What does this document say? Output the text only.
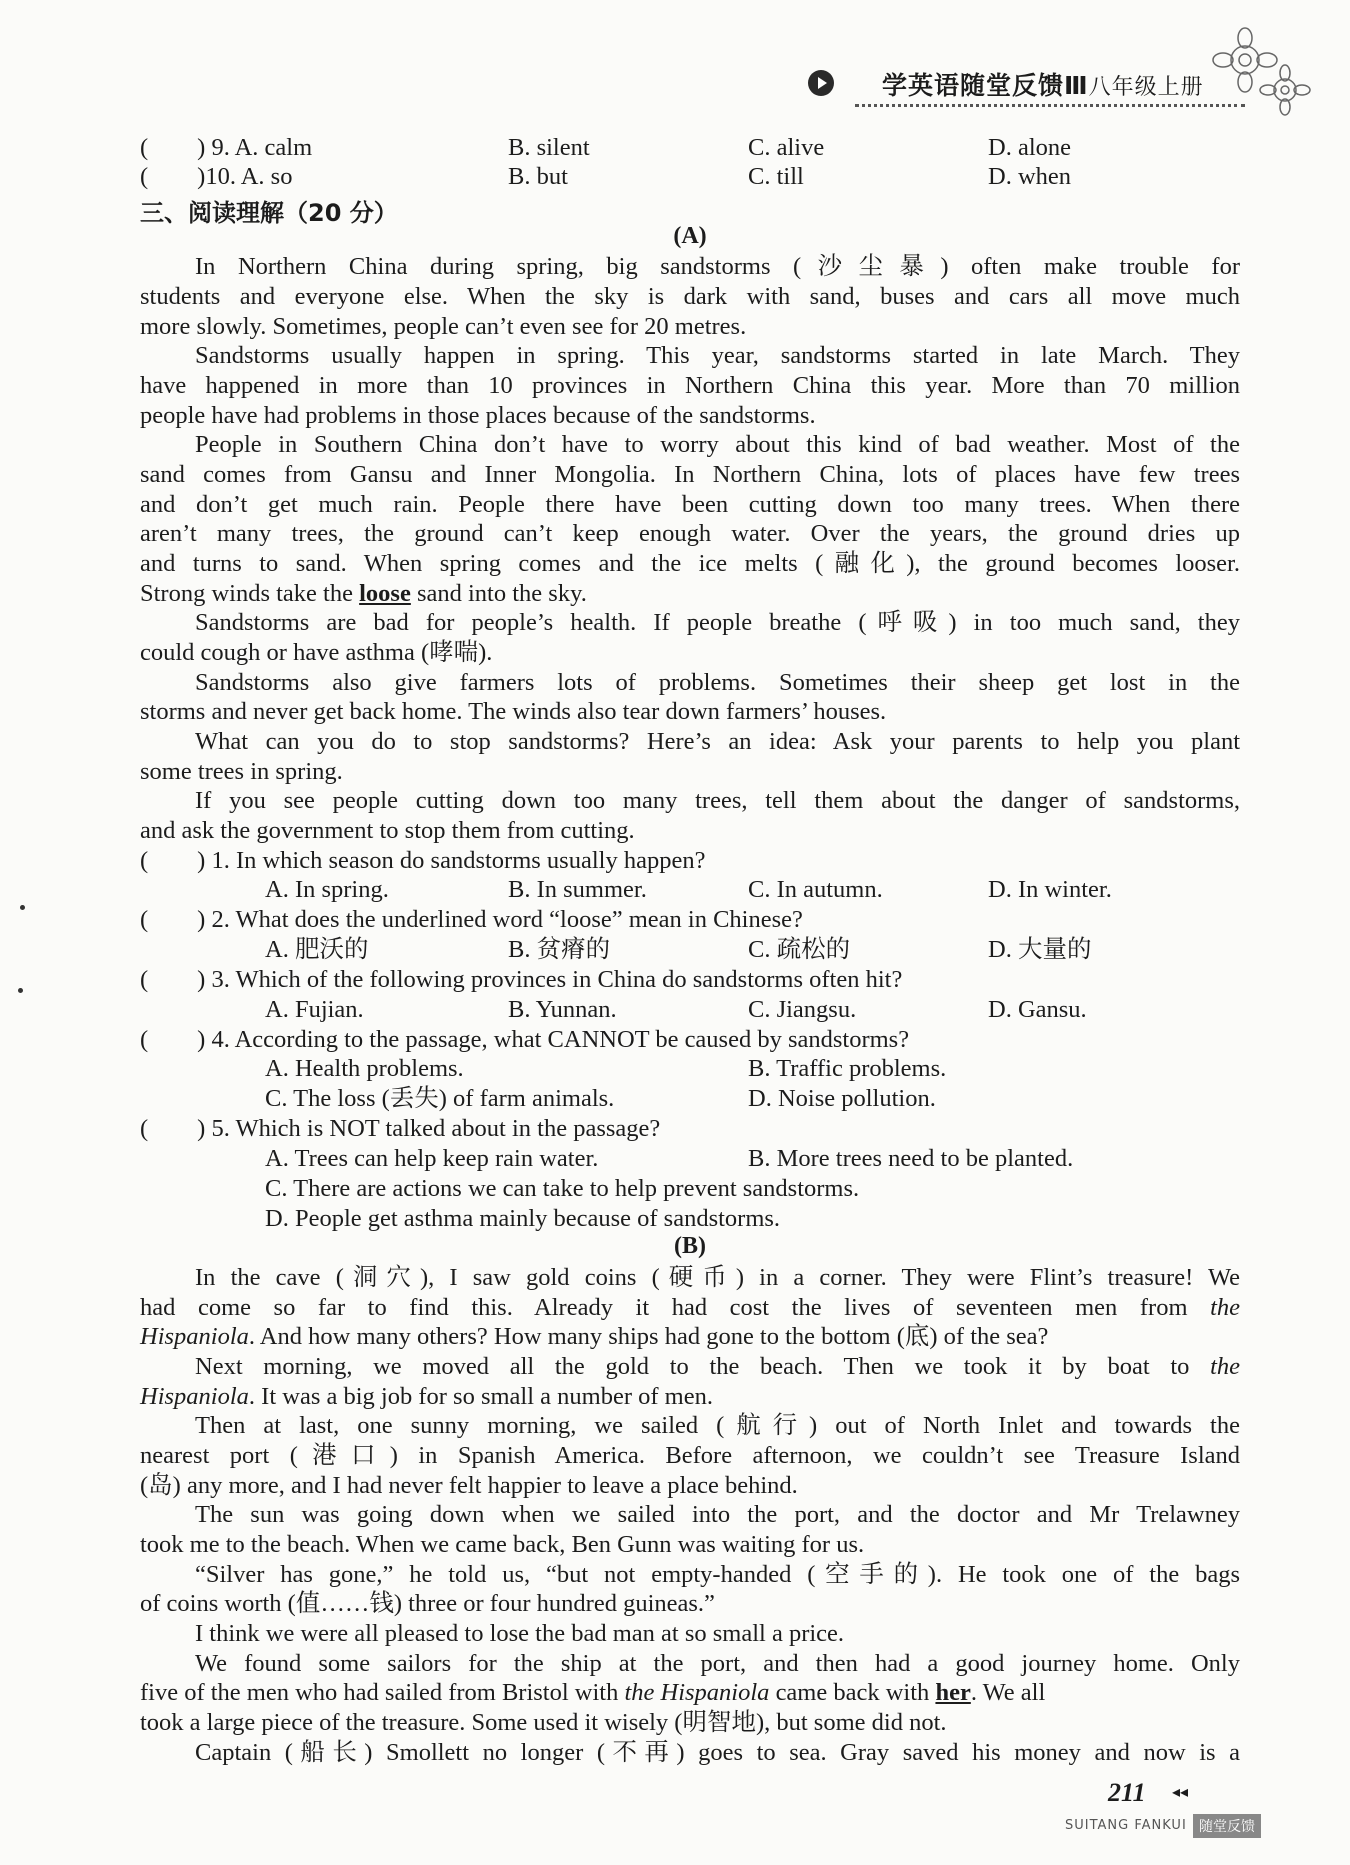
学英语随堂反馈Ⅲ八年级上册
(　　) 9. A. calm	B. silent	C. alive	D. alone
(　　)10. A. so	B. but	C. till	D. when
三、阅读理解（20 分）
(A)
In Northern China during spring, big sandstorms (沙尘暴) often make trouble for
students and everyone else. When the sky is dark with sand, buses and cars all move much
more slowly. Sometimes, people can’t even see for 20 metres.
Sandstorms usually happen in spring. This year, sandstorms started in late March. They
have happened in more than 10 provinces in Northern China this year. More than 70 million
people have had problems in those places because of the sandstorms.
People in Southern China don’t have to worry about this kind of bad weather. Most of the
sand comes from Gansu and Inner Mongolia. In Northern China, lots of places have few trees
and don’t get much rain. People there have been cutting down too many trees. When there
aren’t many trees, the ground can’t keep enough water. Over the years, the ground dries up
and turns to sand. When spring comes and the ice melts (融化), the ground becomes looser.
Strong winds take the loose sand into the sky.
Sandstorms are bad for people’s health. If people breathe (呼吸) in too much sand, they
could cough or have asthma (哮喘).
Sandstorms also give farmers lots of problems. Sometimes their sheep get lost in the
storms and never get back home. The winds also tear down farmers’ houses.
What can you do to stop sandstorms? Here’s an idea: Ask your parents to help you plant
some trees in spring.
If you see people cutting down too many trees, tell them about the danger of sandstorms,
and ask the government to stop them from cutting.
(　　) 1. In which season do sandstorms usually happen?
A. In spring.	B. In summer.	C. In autumn.	D. In winter.
(　　) 2. What does the underlined word “loose” mean in Chinese?
A. 肥沃的	B. 贫瘠的	C. 疏松的	D. 大量的
(　　) 3. Which of the following provinces in China do sandstorms often hit?
A. Fujian.	B. Yunnan.	C. Jiangsu.	D. Gansu.
(　　) 4. According to the passage, what CANNOT be caused by sandstorms?
A. Health problems.	B. Traffic problems.
C. The loss (丢失) of farm animals.	D. Noise pollution.
(　　) 5. Which is NOT talked about in the passage?
A. Trees can help keep rain water.	B. More trees need to be planted.
C. There are actions we can take to help prevent sandstorms.
D. People get asthma mainly because of sandstorms.
(B)
In the cave (洞穴), I saw gold coins (硬币) in a corner. They were Flint’s treasure! We
had come so far to find this. Already it had cost the lives of seventeen men from the
Hispaniola. And how many others? How many ships had gone to the bottom (底) of the sea?
Next morning, we moved all the gold to the beach. Then we took it by boat to the
Hispaniola. It was a big job for so small a number of men.
Then at last, one sunny morning, we sailed (航行) out of North Inlet and towards the
nearest port (港口) in Spanish America. Before afternoon, we couldn’t see Treasure Island
(岛) any more, and I had never felt happier to leave a place behind.
The sun was going down when we sailed into the port, and the doctor and Mr Trelawney
took me to the beach. When we came back, Ben Gunn was waiting for us.
“Silver has gone,” he told us, “but not empty-handed (空手的). He took one of the bags
of coins worth (值……钱) three or four hundred guineas.”
I think we were all pleased to lose the bad man at so small a price.
We found some sailors for the ship at the port, and then had a good journey home. Only
five of the men who had sailed from Bristol with the Hispaniola came back with her. We all
took a large piece of the treasure. Some used it wisely (明智地), but some did not.
Captain (船长) Smollett no longer (不再) goes to sea. Gray saved his money and now is a
211 ◂◂
SUITANG FANKUI 随堂反馈
